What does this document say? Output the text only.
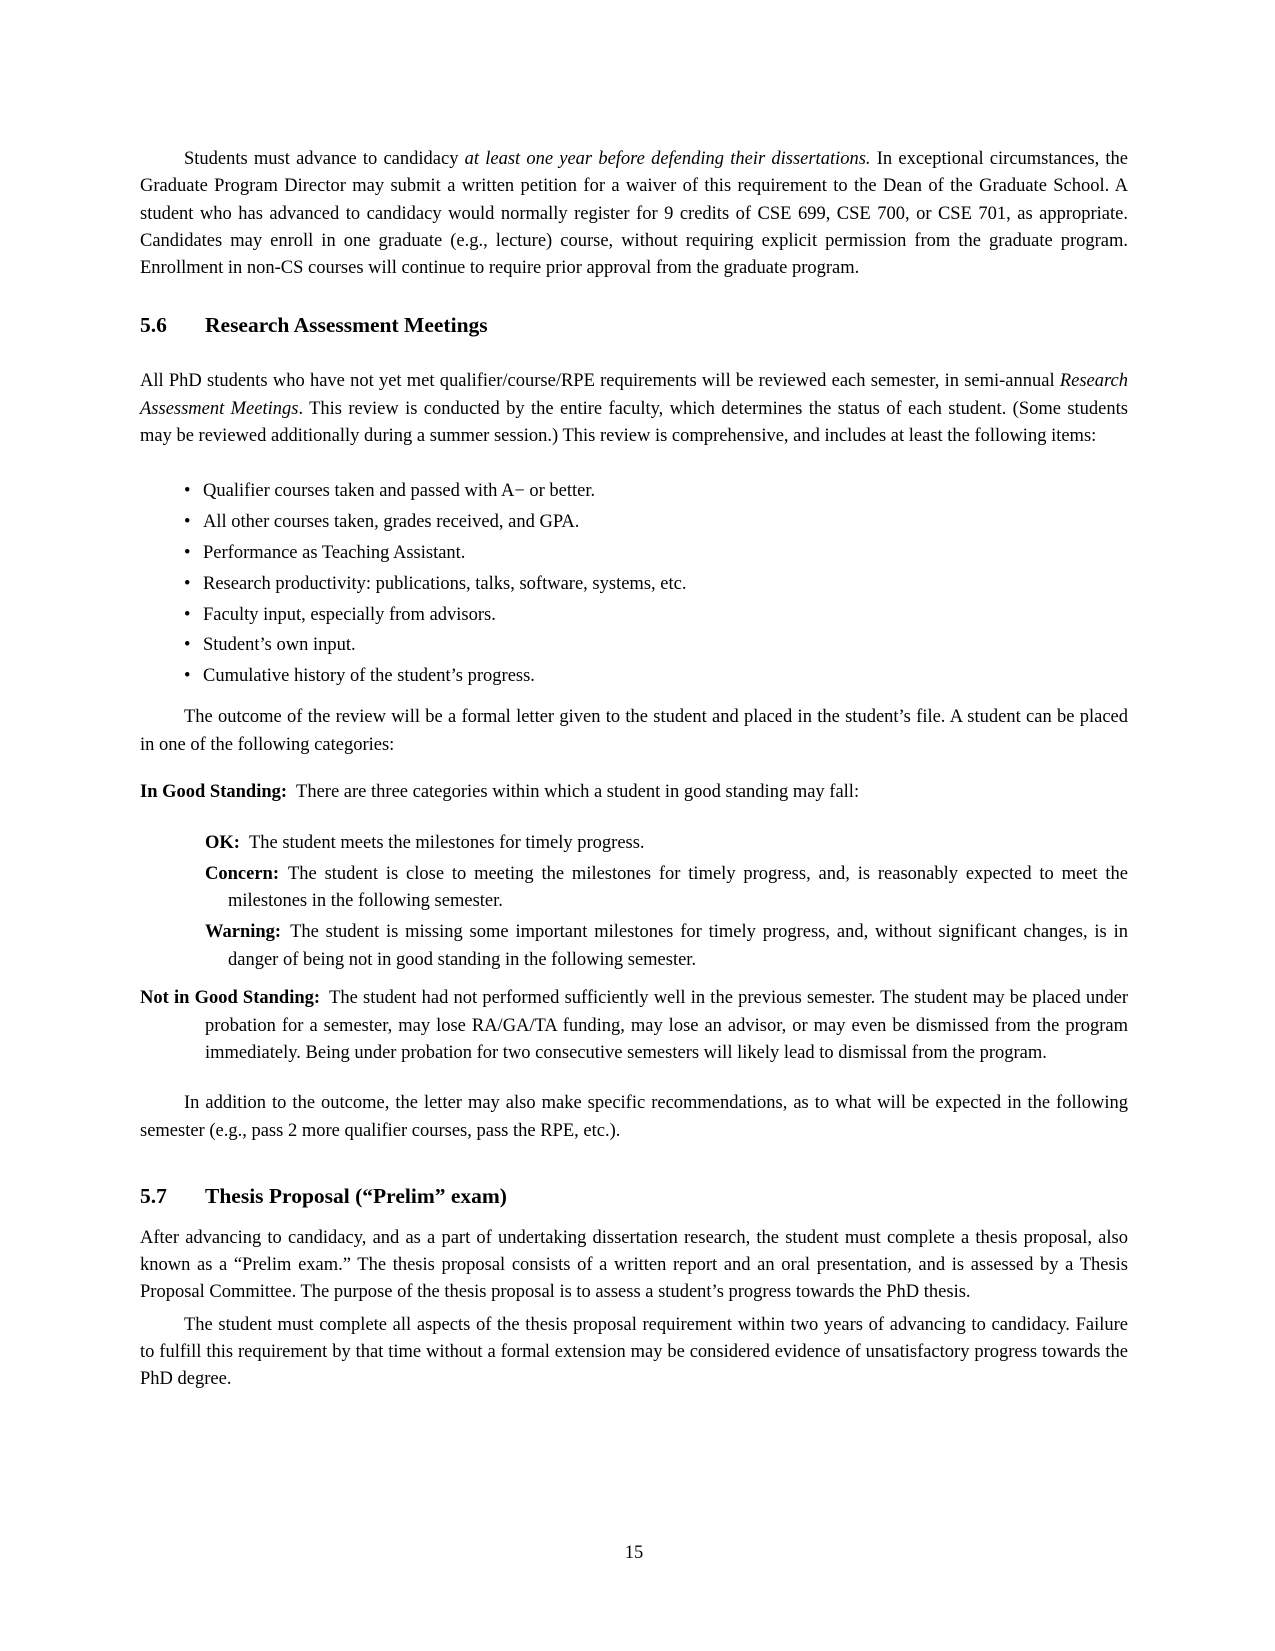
Students must advance to candidacy at least one year before defending their dissertations. In exceptional circumstances, the Graduate Program Director may submit a written petition for a waiver of this requirement to the Dean of the Graduate School. A student who has advanced to candidacy would normally register for 9 credits of CSE 699, CSE 700, or CSE 701, as appropriate. Candidates may enroll in one graduate (e.g., lecture) course, without requiring explicit permission from the graduate program. Enrollment in non-CS courses will continue to require prior approval from the graduate program.

5.6 Research Assessment Meetings

All PhD students who have not yet met qualifier/course/RPE requirements will be reviewed each semester, in semi-annual Research Assessment Meetings. This review is conducted by the entire faculty, which determines the status of each student. (Some students may be reviewed additionally during a summer session.) This review is comprehensive, and includes at least the following items:

• Qualifier courses taken and passed with A− or better.
• All other courses taken, grades received, and GPA.
• Performance as Teaching Assistant.
• Research productivity: publications, talks, software, systems, etc.
• Faculty input, especially from advisors.
• Student’s own input.
• Cumulative history of the student’s progress.

The outcome of the review will be a formal letter given to the student and placed in the student’s file. A student can be placed in one of the following categories:

In Good Standing: There are three categories within which a student in good standing may fall:

OK: The student meets the milestones for timely progress.

Concern: The student is close to meeting the milestones for timely progress, and, is reasonably expected to meet the milestones in the following semester.

Warning: The student is missing some important milestones for timely progress, and, without significant changes, is in danger of being not in good standing in the following semester.

Not in Good Standing: The student had not performed sufficiently well in the previous semester. The student may be placed under probation for a semester, may lose RA/GA/TA funding, may lose an advisor, or may even be dismissed from the program immediately. Being under probation for two consecutive semesters will likely lead to dismissal from the program.

In addition to the outcome, the letter may also make specific recommendations, as to what will be expected in the following semester (e.g., pass 2 more qualifier courses, pass the RPE, etc.).

5.7 Thesis Proposal (“Prelim” exam)

After advancing to candidacy, and as a part of undertaking dissertation research, the student must complete a thesis proposal, also known as a “Prelim exam.” The thesis proposal consists of a written report and an oral presentation, and is assessed by a Thesis Proposal Committee. The purpose of the thesis proposal is to assess a student’s progress towards the PhD thesis.

The student must complete all aspects of the thesis proposal requirement within two years of advancing to candidacy. Failure to fulfill this requirement by that time without a formal extension may be considered evidence of unsatisfactory progress towards the PhD degree.

15
